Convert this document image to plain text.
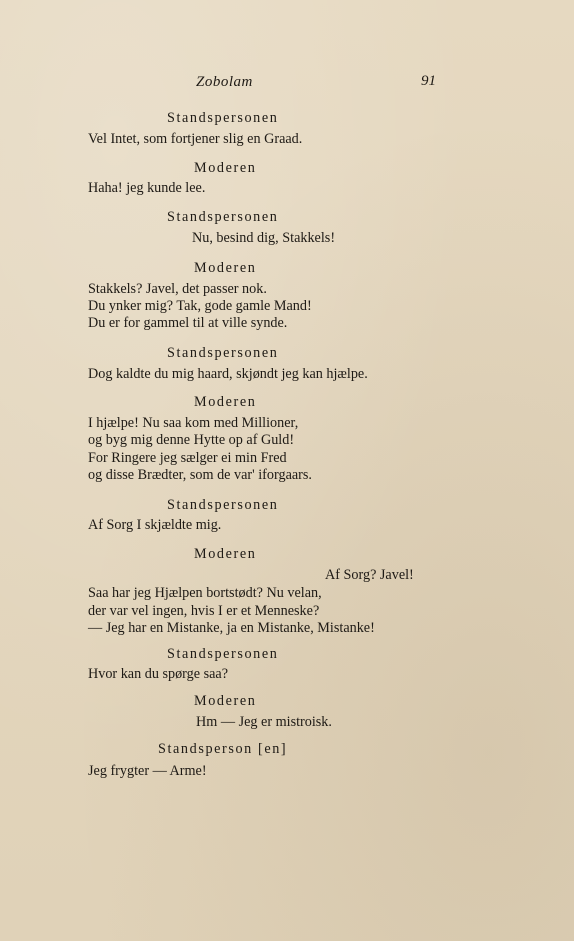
Zobolam	91
Standspersonen
Vel Intet, som fortjener slig en Graad.
Moderen
Haha! jeg kunde lee.
Standspersonen
Nu, besind dig, Stakkels!
Moderen
Stakkels? Javel, det passer nok.
Du ynker mig? Tak, gode gamle Mand!
Du er for gammel til at ville synde.
Standspersonen
Dog kaldte du mig haard, skjøndt jeg kan hjælpe.
Moderen
I hjælpe! Nu saa kom med Millioner,
og byg mig denne Hytte op af Guld!
For Ringere jeg sælger ei min Fred
og disse Brædter, som de var' iforgaars.
Standspersonen
Af Sorg I skjældte mig.
Moderen
Af Sorg? Javel!
Saa har jeg Hjælpen bortstødt? Nu velan,
der var vel ingen, hvis I er et Menneske?
— Jeg har en Mistanke, ja en Mistanke, Mistanke!
Standspersonen
Hvor kan du spørge saa?
Moderen
Hm — Jeg er mistroisk.
Standsperson [en]
Jeg frygter — Arme!
